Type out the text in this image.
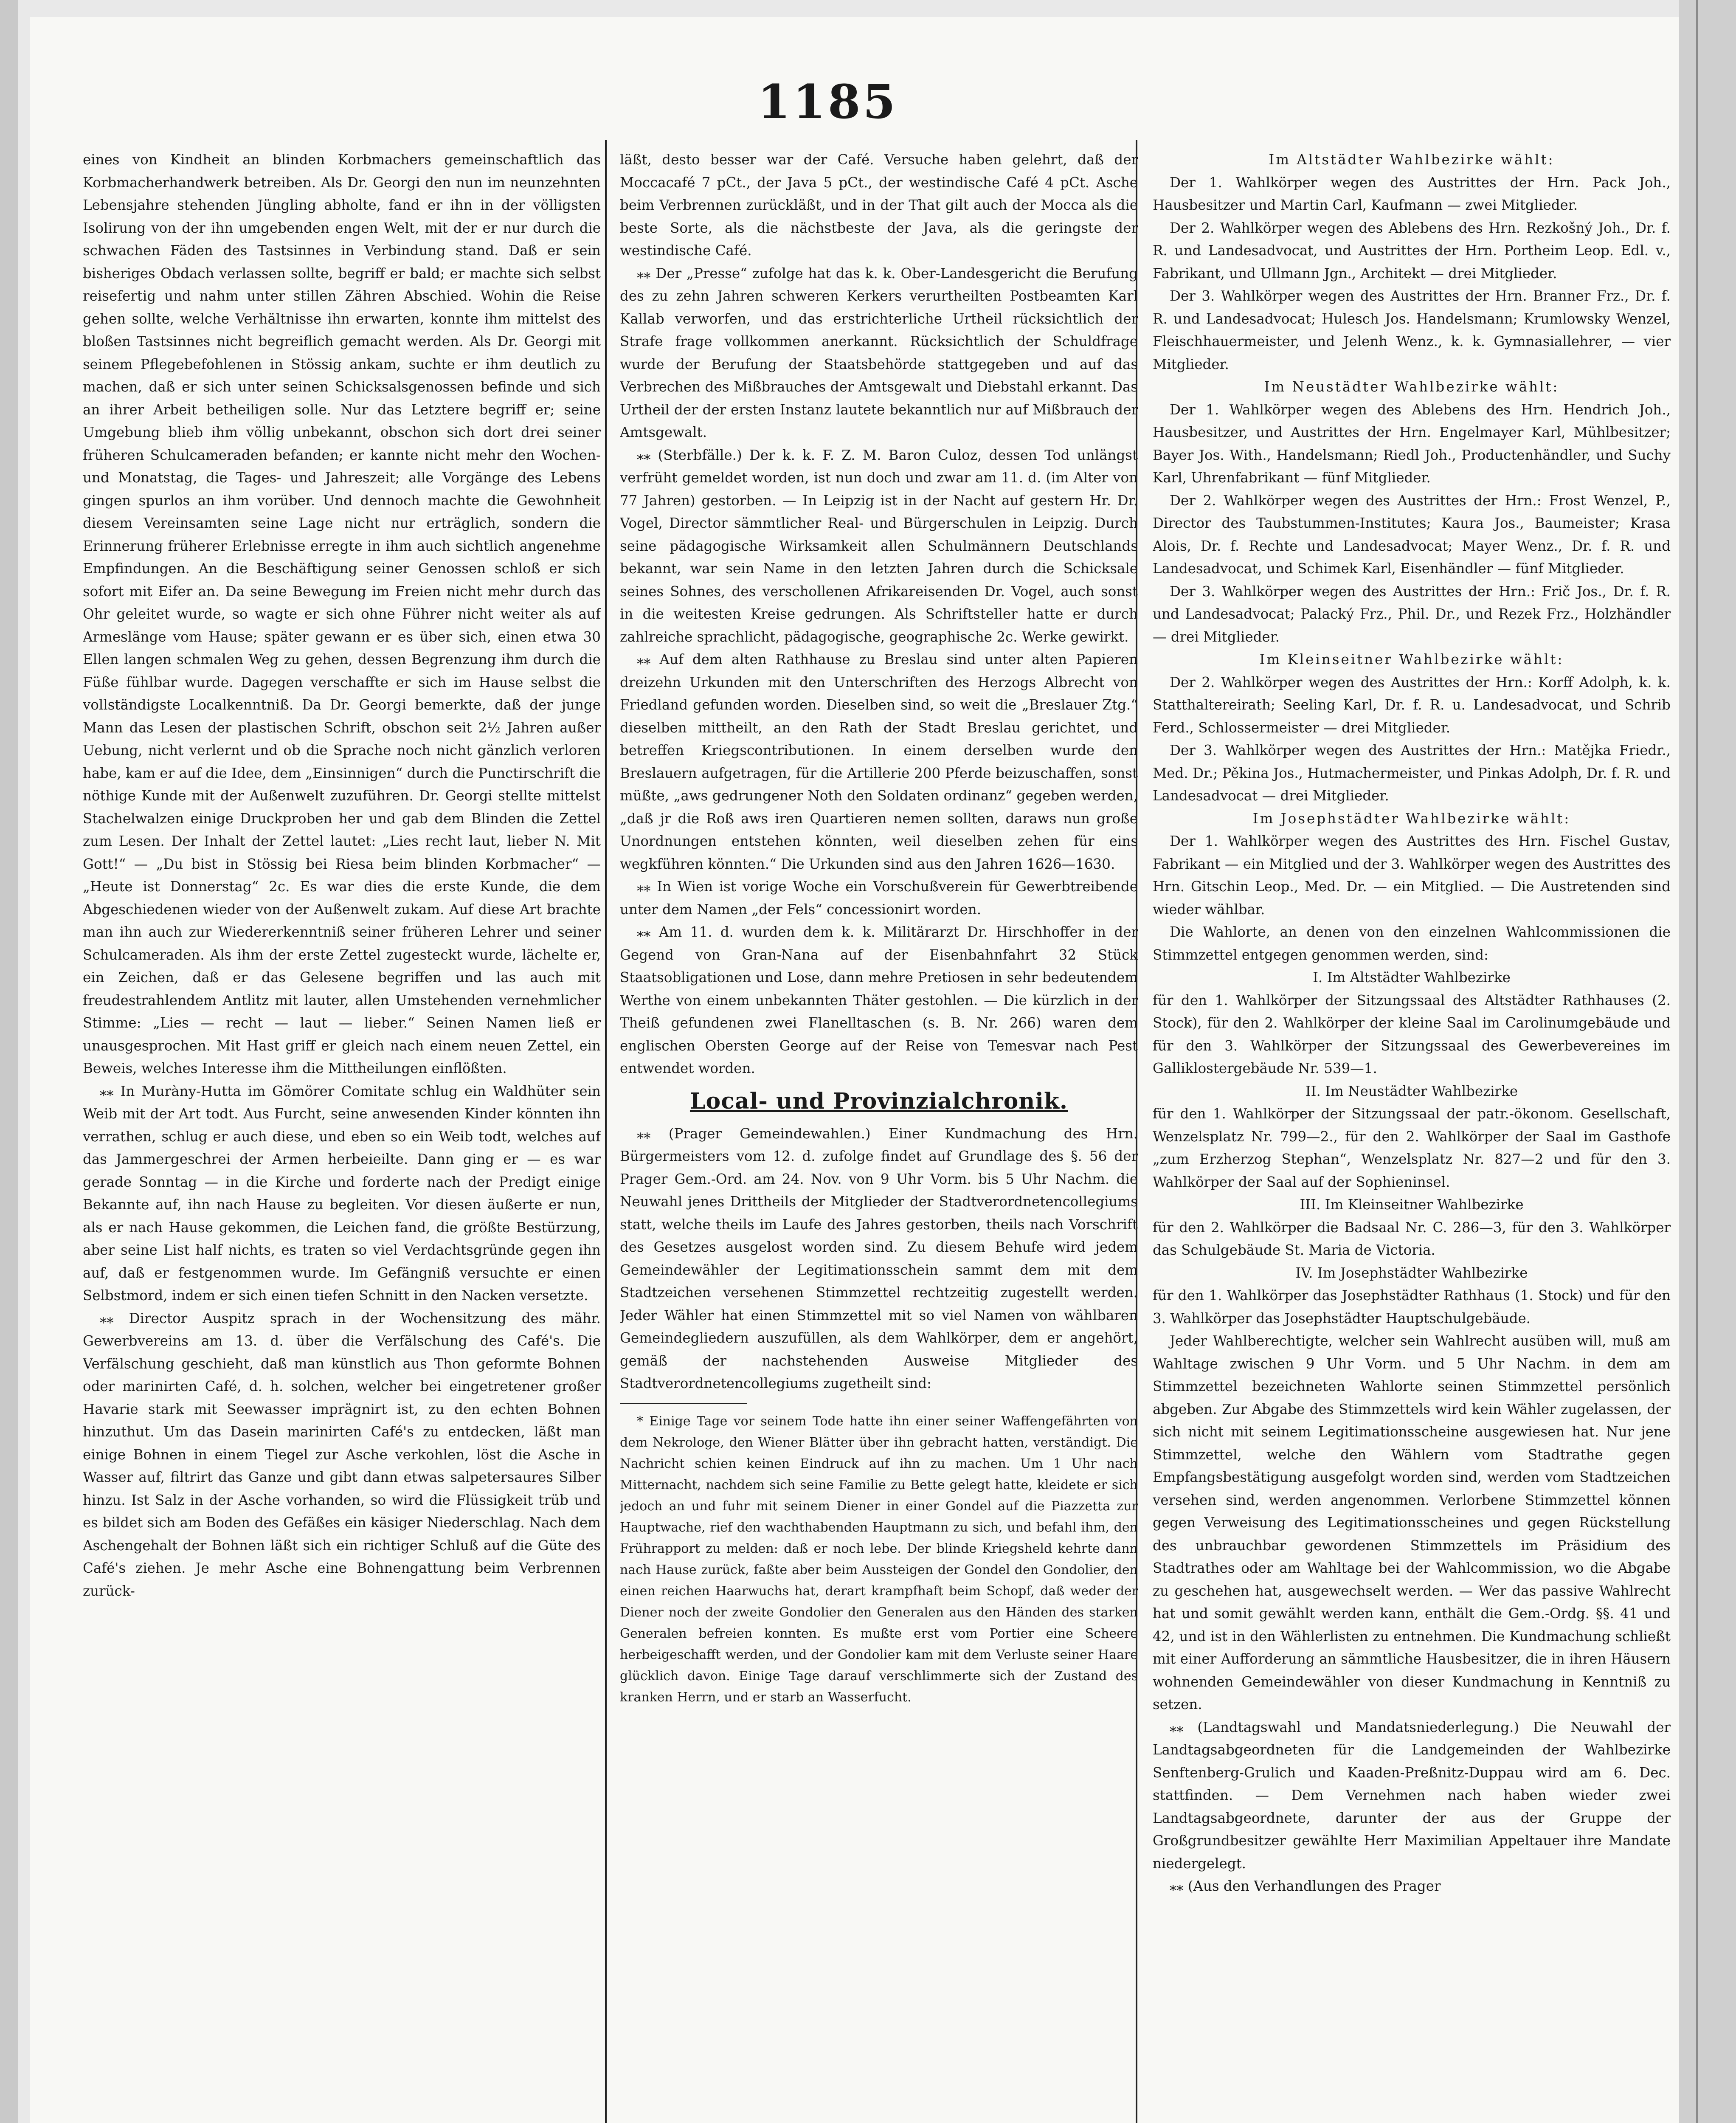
1185

eines von Kindheit an blinden Korbmachers gemeinschaftlich das Korbmacherhandwerk betreiben. Als Dr. Georgi den nun im neunzehnten Lebensjahre stehenden Jüngling abholte, fand er ihn in der völligsten Isolirung von der ihn umgebenden engen Welt, mit der er nur durch die schwachen Fäden des Tastsinnes in Verbindung stand. Daß er sein bisheriges Obdach verlassen sollte, begriff er bald; er machte sich selbst reisefertig und nahm unter stillen Zähren Abschied. Wohin die Reise gehen sollte, welche Verhältnisse ihn erwarten, konnte ihm mittelst des bloßen Tastsinnes nicht begreiflich gemacht werden. Als Dr. Georgi mit seinem Pflegebefohlenen in Stössig ankam, suchte er ihm deutlich zu machen, daß er sich unter seinen Schicksalsgenossen befinde und sich an ihrer Arbeit betheiligen solle. Nur das Letztere begriff er; seine Umgebung blieb ihm völlig unbekannt, obschon sich dort drei seiner früheren Schulcameraden befanden; er kannte nicht mehr den Wochen- und Monatstag, die Tages- und Jahreszeit; alle Vorgänge des Lebens gingen spurlos an ihm vorüber. Und dennoch machte die Gewohnheit diesem Vereinsamten seine Lage nicht nur erträglich, sondern die Erinnerung früherer Erlebnisse erregte in ihm auch sichtlich angenehme Empfindungen. An die Beschäftigung seiner Genossen schloß er sich sofort mit Eifer an. Da seine Bewegung im Freien nicht mehr durch das Ohr geleitet wurde, so wagte er sich ohne Führer nicht weiter als auf Armeslänge vom Hause; später gewann er es über sich, einen etwa 30 Ellen langen schmalen Weg zu gehen, dessen Begrenzung ihm durch die Füße fühlbar wurde. Dagegen verschaffte er sich im Hause selbst die vollständigste Localkenntniß. Da Dr. Georgi bemerkte, daß der junge Mann das Lesen der plastischen Schrift, obschon seit 2½ Jahren außer Uebung, nicht verlernt und ob die Sprache noch nicht gänzlich verloren habe, kam er auf die Idee, dem „Einsinnigen“ durch die Punctirschrift die nöthige Kunde mit der Außenwelt zuzuführen. Dr. Georgi stellte mittelst Stachelwalzen einige Druckproben her und gab dem Blinden die Zettel zum Lesen. Der Inhalt der Zettel lautet: „Lies recht laut, lieber N. Mit Gott!“ — „Du bist in Stössig bei Riesa beim blinden Korbmacher“ — „Heute ist Donnerstag“ 2c. Es war dies die erste Kunde, die dem Abgeschiedenen wieder von der Außenwelt zukam. Auf diese Art brachte man ihn auch zur Wiedererkenntniß seiner früheren Lehrer und seiner Schulcameraden. Als ihm der erste Zettel zugesteckt wurde, lächelte er, ein Zeichen, daß er das Gelesene begriffen und las auch mit freudestrahlendem Antlitz mit lauter, allen Umstehenden vernehmlicher Stimme: „Lies — recht — laut — lieber.“ Seinen Namen ließ er unausgesprochen. Mit Hast griff er gleich nach einem neuen Zettel, ein Beweis, welches Interesse ihm die Mittheilungen einflößten.

⁎⁎ In Muràny-Hutta im Gömörer Comitate schlug ein Waldhüter sein Weib mit der Art todt. Aus Furcht, seine anwesenden Kinder könnten ihn verrathen, schlug er auch diese, und eben so ein Weib todt, welches auf das Jammergeschrei der Armen herbeieilte. Dann ging er — es war gerade Sonntag — in die Kirche und forderte nach der Predigt einige Bekannte auf, ihn nach Hause zu begleiten. Vor diesen äußerte er nun, als er nach Hause gekommen, die Leichen fand, die größte Bestürzung, aber seine List half nichts, es traten so viel Verdachtsgründe gegen ihn auf, daß er festgenommen wurde. Im Gefängniß versuchte er einen Selbstmord, indem er sich einen tiefen Schnitt in den Nacken versetzte.

⁎⁎ Director Auspitz sprach in der Wochensitzung des mähr. Gewerbvereins am 13. d. über die Verfälschung des Café's. Die Verfälschung geschieht, daß man künstlich aus Thon geformte Bohnen oder marinirten Café, d. h. solchen, welcher bei eingetretener großer Havarie stark mit Seewasser imprägnirt ist, zu den echten Bohnen hinzuthut. Um das Dasein marinirten Café's zu entdecken, läßt man einige Bohnen in einem Tiegel zur Asche verkohlen, löst die Asche in Wasser auf, filtrirt das Ganze und gibt dann etwas salpetersaures Silber hinzu. Ist Salz in der Asche vorhanden, so wird die Flüssigkeit trüb und es bildet sich am Boden des Gefäßes ein käsiger Niederschlag. Nach dem Aschengehalt der Bohnen läßt sich ein richtiger Schluß auf die Güte des Café's ziehen. Je mehr Asche eine Bohnengattung beim Verbrennen zurück-

läßt, desto besser war der Café. Versuche haben gelehrt, daß der Moccacafé 7 pCt., der Java 5 pCt., der westindische Café 4 pCt. Asche beim Verbrennen zurückläßt, und in der That gilt auch der Mocca als die beste Sorte, als die nächstbeste der Java, als die geringste der westindische Café.

⁎⁎ Der „Presse“ zufolge hat das k. k. Ober-Landesgericht die Berufung des zu zehn Jahren schweren Kerkers verurtheilten Postbeamten Karl Kallab verworfen, und das erstrichterliche Urtheil rücksichtlich der Strafe frage vollkommen anerkannt. Rücksichtlich der Schuldfrage wurde der Berufung der Staatsbehörde stattgegeben und auf das Verbrechen des Mißbrauches der Amtsgewalt und Diebstahl erkannt. Das Urtheil der der ersten Instanz lautete bekanntlich nur auf Mißbrauch der Amtsgewalt.

⁎⁎ (Sterbfälle.) Der k. k. F. Z. M. Baron Culoz, dessen Tod unlängst verfrüht gemeldet worden, ist nun doch und zwar am 11. d. (im Alter von 77 Jahren) gestorben. — In Leipzig ist in der Nacht auf gestern Hr. Dr. Vogel, Director sämmtlicher Real- und Bürgerschulen in Leipzig. Durch seine pädagogische Wirksamkeit allen Schulmännern Deutschlands bekannt, war sein Name in den letzten Jahren durch die Schicksale seines Sohnes, des verschollenen Afrikareisenden Dr. Vogel, auch sonst in die weitesten Kreise gedrungen. Als Schriftsteller hatte er durch zahlreiche sprachlicht, pädagogische, geographische 2c. Werke gewirkt.

⁎⁎ Auf dem alten Rathhause zu Breslau sind unter alten Papieren dreizehn Urkunden mit den Unterschriften des Herzogs Albrecht von Friedland gefunden worden. Dieselben sind, so weit die „Breslauer Ztg.“ dieselben mittheilt, an den Rath der Stadt Breslau gerichtet, und betreffen Kriegscontributionen. In einem derselben wurde den Breslauern aufgetragen, für die Artillerie 200 Pferde beizuschaffen, sonst müßte, „aws gedrungener Noth den Soldaten ordinanz“ gegeben werden, „daß jr die Roß aws iren Quartieren nemen sollten, daraws nun große Unordnungen entstehen könnten, weil dieselben zehen für eins wegkführen könnten.“ Die Urkunden sind aus den Jahren 1626—1630.

⁎⁎ In Wien ist vorige Woche ein Vorschußverein für Gewerbtreibende unter dem Namen „der Fels“ concessionirt worden.

⁎⁎ Am 11. d. wurden dem k. k. Militärarzt Dr. Hirschhoffer in der Gegend von Gran-Nana auf der Eisenbahnfahrt 32 Stück Staatsobligationen und Lose, dann mehre Pretiosen in sehr bedeutendem Werthe von einem unbekannten Thäter gestohlen. — Die kürzlich in der Theiß gefundenen zwei Flanelltaschen (s. B. Nr. 266) waren dem englischen Obersten George auf der Reise von Temesvar nach Pest entwendet worden.

Local- und Provinzialchronik.

⁎⁎ (Prager Gemeindewahlen.) Einer Kundmachung des Hrn. Bürgermeisters vom 12. d. zufolge findet auf Grundlage des §. 56 der Prager Gem.-Ord. am 24. Nov. von 9 Uhr Vorm. bis 5 Uhr Nachm. die Neuwahl jenes Drittheils der Mitglieder der Stadtverordnetencollegiums statt, welche theils im Laufe des Jahres gestorben, theils nach Vorschrift des Gesetzes ausgelost worden sind. Zu diesem Behufe wird jedem Gemeindewähler der Legitimationsschein sammt dem mit dem Stadtzeichen versehenen Stimmzettel rechtzeitig zugestellt werden. Jeder Wähler hat einen Stimmzettel mit so viel Namen von wählbaren Gemeindegliedern auszufüllen, als dem Wahlkörper, dem er angehört, gemäß der nachstehenden Ausweise Mitglieder des Stadtverordnetencollegiums zugetheilt sind:

* Einige Tage vor seinem Tode hatte ihn einer seiner Waffengefährten von dem Nekrologe, den Wiener Blätter über ihn gebracht hatten, verständigt. Die Nachricht schien keinen Eindruck auf ihn zu machen. Um 1 Uhr nach Mitternacht, nachdem sich seine Familie zu Bette gelegt hatte, kleidete er sich jedoch an und fuhr mit seinem Diener in einer Gondel auf die Piazzetta zur Hauptwache, rief den wachthabenden Hauptmann zu sich, und befahl ihm, den Frührapport zu melden: daß er noch lebe. Der blinde Kriegsheld kehrte dann nach Hause zurück, faßte aber beim Aussteigen der Gondel den Gondolier, den einen reichen Haarwuchs hat, derart krampfhaft beim Schopf, daß weder der Diener noch der zweite Gondolier den Generalen aus den Händen des starken Generalen befreien konnten. Es mußte erst vom Portier eine Scheere herbeigeschafft werden, und der Gondolier kam mit dem Verluste seiner Haare glücklich davon. Einige Tage darauf verschlimmerte sich der Zustand des kranken Herrn, und er starb an Wasserfucht.

Im Altstädter Wahlbezirke wählt:

Der 1. Wahlkörper wegen des Austrittes der Hrn. Pack Joh., Hausbesitzer und Martin Carl, Kaufmann — zwei Mitglieder.

Der 2. Wahlkörper wegen des Ablebens des Hrn. Rezkošný Joh., Dr. f. R. und Landesadvocat, und Austrittes der Hrn. Portheim Leop. Edl. v., Fabrikant, und Ullmann Jgn., Architekt — drei Mitglieder.

Der 3. Wahlkörper wegen des Austrittes der Hrn. Branner Frz., Dr. f. R. und Landesadvocat; Hulesch Jos. Handelsmann; Krumlowsky Wenzel, Fleischhauermeister, und Jelenh Wenz., k. k. Gymnasiallehrer, — vier Mitglieder.

Im Neustädter Wahlbezirke wählt:

Der 1. Wahlkörper wegen des Ablebens des Hrn. Hendrich Joh., Hausbesitzer, und Austrittes der Hrn. Engelmayer Karl, Mühlbesitzer; Bayer Jos. With., Handelsmann; Riedl Joh., Productenhändler, und Suchy Karl, Uhrenfabrikant — fünf Mitglieder.

Der 2. Wahlkörper wegen des Austrittes der Hrn.: Frost Wenzel, P., Director des Taubstummen-Institutes; Kaura Jos., Baumeister; Krasa Alois, Dr. f. Rechte und Landesadvocat; Mayer Wenz., Dr. f. R. und Landesadvocat, und Schimek Karl, Eisenhändler — fünf Mitglieder.

Der 3. Wahlkörper wegen des Austrittes der Hrn.: Frič Jos., Dr. f. R. und Landesadvocat; Palacký Frz., Phil. Dr., und Rezek Frz., Holzhändler — drei Mitglieder.

Im Kleinseitner Wahlbezirke wählt:

Der 2. Wahlkörper wegen des Austrittes der Hrn.: Korff Adolph, k. k. Statthaltereirath; Seeling Karl, Dr. f. R. u. Landesadvocat, und Schrib Ferd., Schlossermeister — drei Mitglieder.

Der 3. Wahlkörper wegen des Austrittes der Hrn.: Matějka Friedr., Med. Dr.; Pěkina Jos., Hutmachermeister, und Pinkas Adolph, Dr. f. R. und Landesadvocat — drei Mitglieder.

Im Josephstädter Wahlbezirke wählt:

Der 1. Wahlkörper wegen des Austrittes des Hrn. Fischel Gustav, Fabrikant — ein Mitglied und der 3. Wahlkörper wegen des Austrittes des Hrn. Gitschin Leop., Med. Dr. — ein Mitglied. — Die Austretenden sind wieder wählbar.

Die Wahlorte, an denen von den einzelnen Wahlcommissionen die Stimmzettel entgegen genommen werden, sind:

I. Im Altstädter Wahlbezirke

für den 1. Wahlkörper der Sitzungssaal des Altstädter Rathhauses (2. Stock), für den 2. Wahlkörper der kleine Saal im Carolinumgebäude und für den 3. Wahlkörper der Sitzungssaal des Gewerbevereines im Galliklostergebäude Nr. 539—1.

II. Im Neustädter Wahlbezirke

für den 1. Wahlkörper der Sitzungssaal der patr.-ökonom. Gesellschaft, Wenzelsplatz Nr. 799—2., für den 2. Wahlkörper der Saal im Gasthofe „zum Erzherzog Stephan“, Wenzelsplatz Nr. 827—2 und für den 3. Wahlkörper der Saal auf der Sophieninsel.

III. Im Kleinseitner Wahlbezirke

für den 2. Wahlkörper die Badsaal Nr. C. 286—3, für den 3. Wahlkörper das Schulgebäude St. Maria de Victoria.

IV. Im Josephstädter Wahlbezirke

für den 1. Wahlkörper das Josephstädter Rathhaus (1. Stock) und für den 3. Wahlkörper das Josephstädter Hauptschulgebäude.

Jeder Wahlberechtigte, welcher sein Wahlrecht ausüben will, muß am Wahltage zwischen 9 Uhr Vorm. und 5 Uhr Nachm. in dem am Stimmzettel bezeichneten Wahlorte seinen Stimmzettel persönlich abgeben. Zur Abgabe des Stimmzettels wird kein Wähler zugelassen, der sich nicht mit seinem Legitimationsscheine ausgewiesen hat. Nur jene Stimmzettel, welche den Wählern vom Stadtrathe gegen Empfangsbestätigung ausgefolgt worden sind, werden vom Stadtzeichen versehen sind, werden angenommen. Verlorbene Stimmzettel können gegen Verweisung des Legitimationsscheines und gegen Rückstellung des unbrauchbar gewordenen Stimmzettels im Präsidium des Stadtrathes oder am Wahltage bei der Wahlcommission, wo die Abgabe zu geschehen hat, ausgewechselt werden. — Wer das passive Wahlrecht hat und somit gewählt werden kann, enthält die Gem.-Ordg. §§. 41 und 42, und ist in den Wählerlisten zu entnehmen. Die Kundmachung schließt mit einer Aufforderung an sämmtliche Hausbesitzer, die in ihren Häusern wohnenden Gemeindewähler von dieser Kundmachung in Kenntniß zu setzen.

⁎⁎ (Landtagswahl und Mandatsniederlegung.) Die Neuwahl der Landtagsabgeordneten für die Landgemeinden der Wahlbezirke Senftenberg-Grulich und Kaaden-Preßnitz-Duppau wird am 6. Dec. stattfinden. — Dem Vernehmen nach haben wieder zwei Landtagsabgeordnete, darunter der aus der Gruppe der Großgrundbesitzer gewählte Herr Maximilian Appeltauer ihre Mandate niedergelegt.

⁎⁎ (Aus den Verhandlungen des Prager
